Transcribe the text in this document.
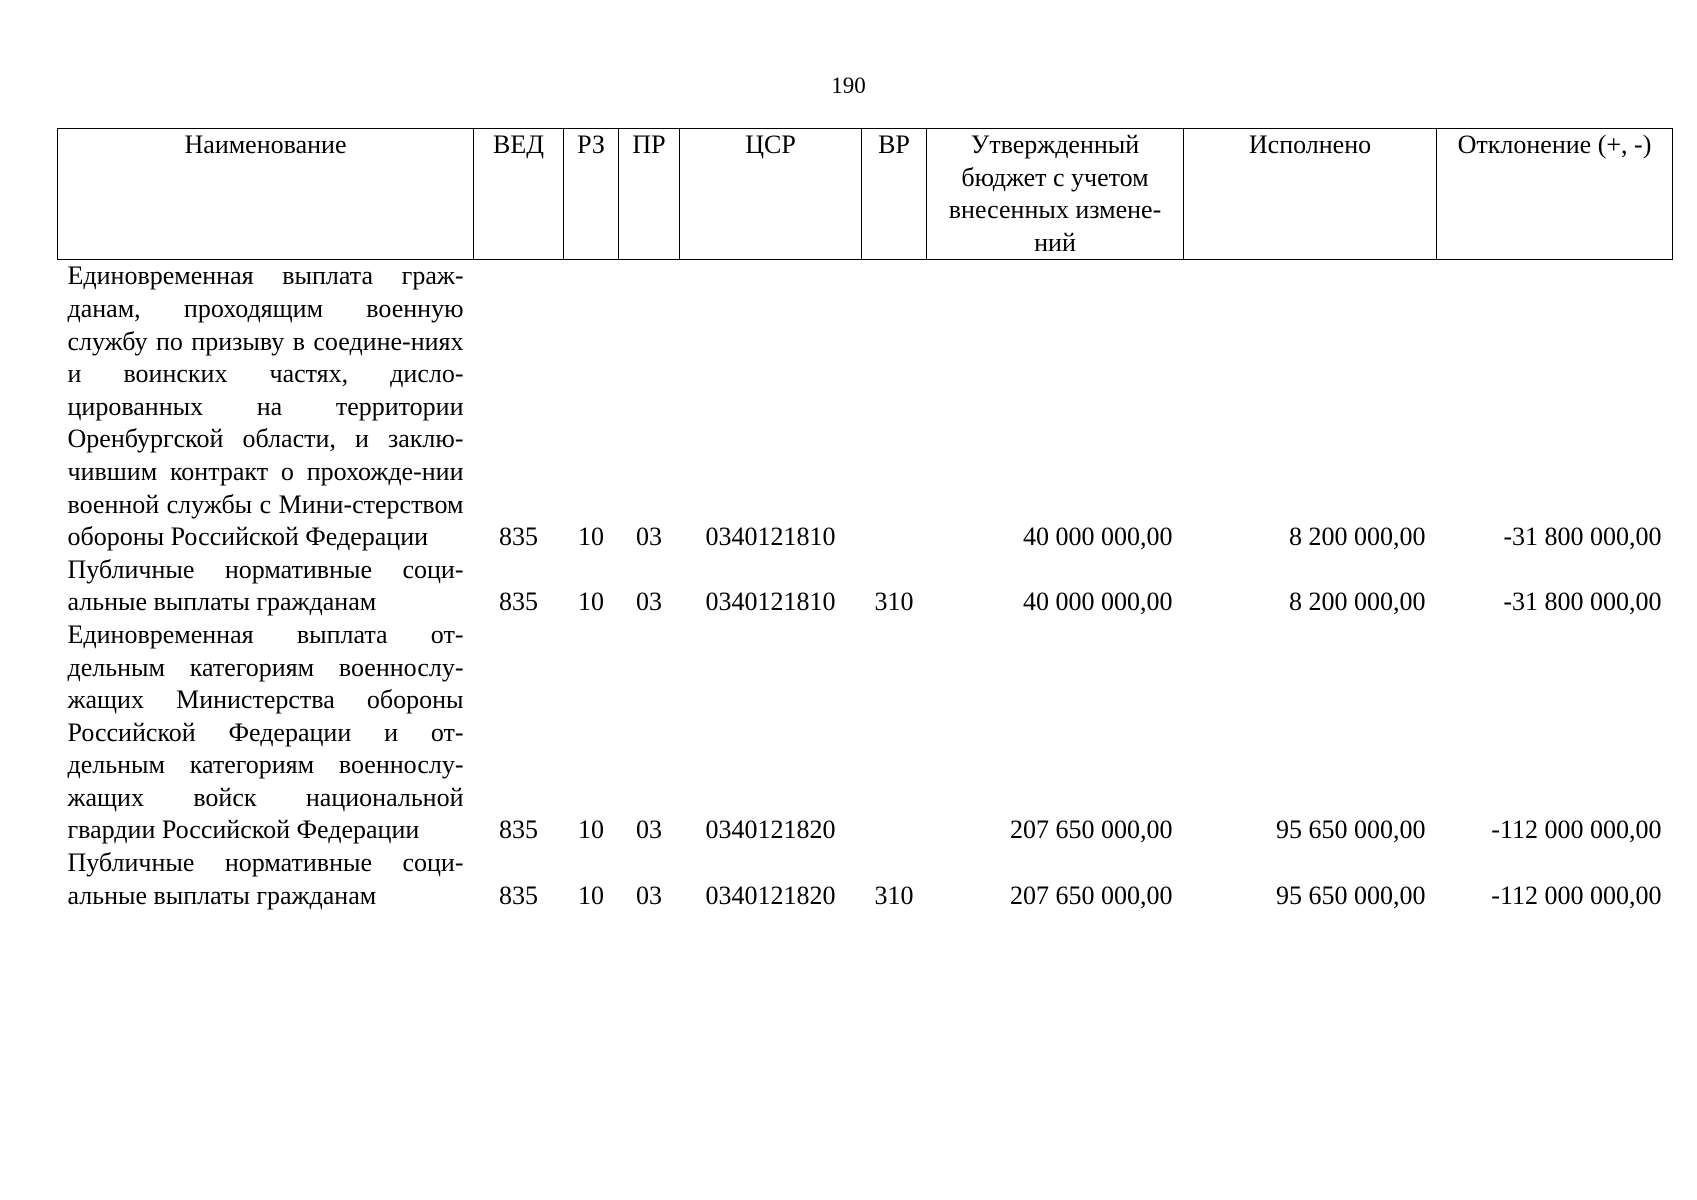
190
Наименование	ВЕД	РЗ	ПР	ЦСР	ВР	Утвержденный бюджет с учетом внесенных измене-ний	Исполнено	Отклонение (+, -)
Единовременная выплата граж-данам, проходящим военную службу по призыву в соедине-ниях и воинских частях, дисло-цированных на территории Оренбургской области, и заклю-чившим контракт о прохожде-нии военной службы с Мини-стерством обороны Российской Федерации	835	10	03	0340121810		40 000 000,00	8 200 000,00	-31 800 000,00
Публичные нормативные соци-альные выплаты гражданам	835	10	03	0340121810	310	40 000 000,00	8 200 000,00	-31 800 000,00
Единовременная выплата от-дельным категориям военнослу-жащих Министерства обороны Российской Федерации и от-дельным категориям военнослу-жащих войск национальной гвардии Российской Федерации	835	10	03	0340121820		207 650 000,00	95 650 000,00	-112 000 000,00
Публичные нормативные соци-альные выплаты гражданам	835	10	03	0340121820	310	207 650 000,00	95 650 000,00	-112 000 000,00
